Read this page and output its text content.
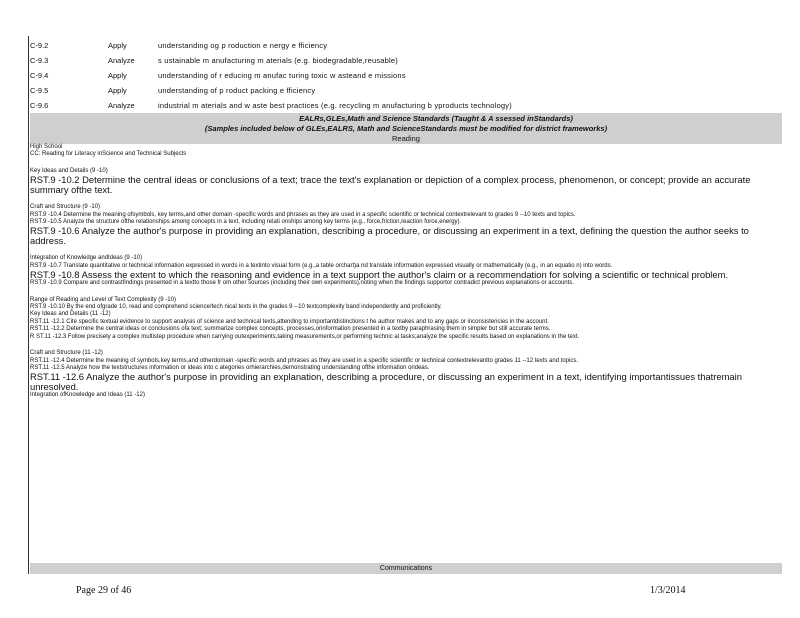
C-9.2	Apply	understanding og p roduction e nergy e fficiency
C-9.3	Analyze	s ustainable m anufacturing m aterials (e.g. biodegradable,reusable)
C-9.4	Apply	understanding of r educing m anufac turing toxic w asteand e missions
C-9.5	Apply	understanding of p roduct packing e fficiency
C-9.6	Analyze	industrial m aterials and w aste best practices (e.g. recycling m anufacturing b yproducts technology)
EALRs,GLEs,Math and Science Standards (Taught & A ssessed inStandards)
(Samples included below of GLEs,EALRS, Math and ScienceStandards must be modified for district frameworks)
Reading

High School

CC: Reading for Literacy inScience and Technical Subjects

Key Ideas and Details (9 -10)

RST.9 -10.2 Determine the central ideas or conclusions of a text; trace the text's explanation or depiction of a complex process, phenomenon, or concept; provide an accurate summary ofthe text.

Craft and Structure (9 -10)

RST.9 -10.4 Determine the meaning ofsymbols, key terms,and other domain -specific words and phrases as they are used in a specific scientific or technical contextrelevant to grades 9 --10 texts and topics.

RST.9 -10.5 Analyze the structure ofthe relationships among concepts in a text, including relati onships among key terms (e.g., force,friction,reaction force,energy).

RST.9 -10.6 Analyze the author's purpose in providing an explanation, describing a procedure, or discussing an experiment in a text, defining the question the author seeks to address.

Integration of Knowledge andIdeas (9 -10)

RST.9 -10.7 Translate quantitative or technical information expressed in words in a textinto visual form (e.g.,a table orchart)a nd translate information expressed visually or mathematically (e.g., in an equatio n) into words.

RST.9 -10.8 Assess the extent to which the reasoning and evidence in a text support the author's claim or a recommendation for solving a scientific or technical problem.

RST.9 -10.9 Compare and contrastfindings presented in a textto those fr om other sources (including their own experiments),noting when the findings supportor contradict previous explanations or accounts.

Range of Reading and Level of Text Complexity (9 -10)

RST.9 -10.10 By the end ofgrade 10, read and comprehend science/tech nical texts in the grades 9 --10 textcomplexity band independently and proficiently.

Key Ideas and Details (11 -12)

RST.11 -12.1 Cite specific textual evidence to support analysis of science and technical texts,attending to importantdistinctions t he author makes and to any gaps or inconsistencies in the account.

RST.11 -12.2 Determine the central ideas or conclusions ofa text; summarize complex concepts, processes,orinformation presented in a textby paraphrasing them in simpler but still accurate terms.

R ST.11 -12.3 Follow precisely a complex multistep procedure when carrying outexperiments,taking measurements,or performing technic al tasks;analyze the specific results based on explanations in the text.

Craft and Structure (11 -12)

RST.11 -12.4 Determine the meaning of symbols,key terms,and otherdomain -specific words and phrases as they are used in a specific scientific or technical contextrelevantto grades 11 --12 texts and topics.

RST.11 -12.5 Analyze how the textstructures information or ideas into c ategories orhierarchies,demonstrating understanding ofthe information orideas.

RST.11 -12.6 Analyze the author's purpose in providing an explanation, describing a procedure, or discussing an experiment in a text, identifying importantissues thatremain unresolved.

Integration ofKnowledge and Ideas (11 -12)

Communications
Page 29 of 46	1/3/2014
